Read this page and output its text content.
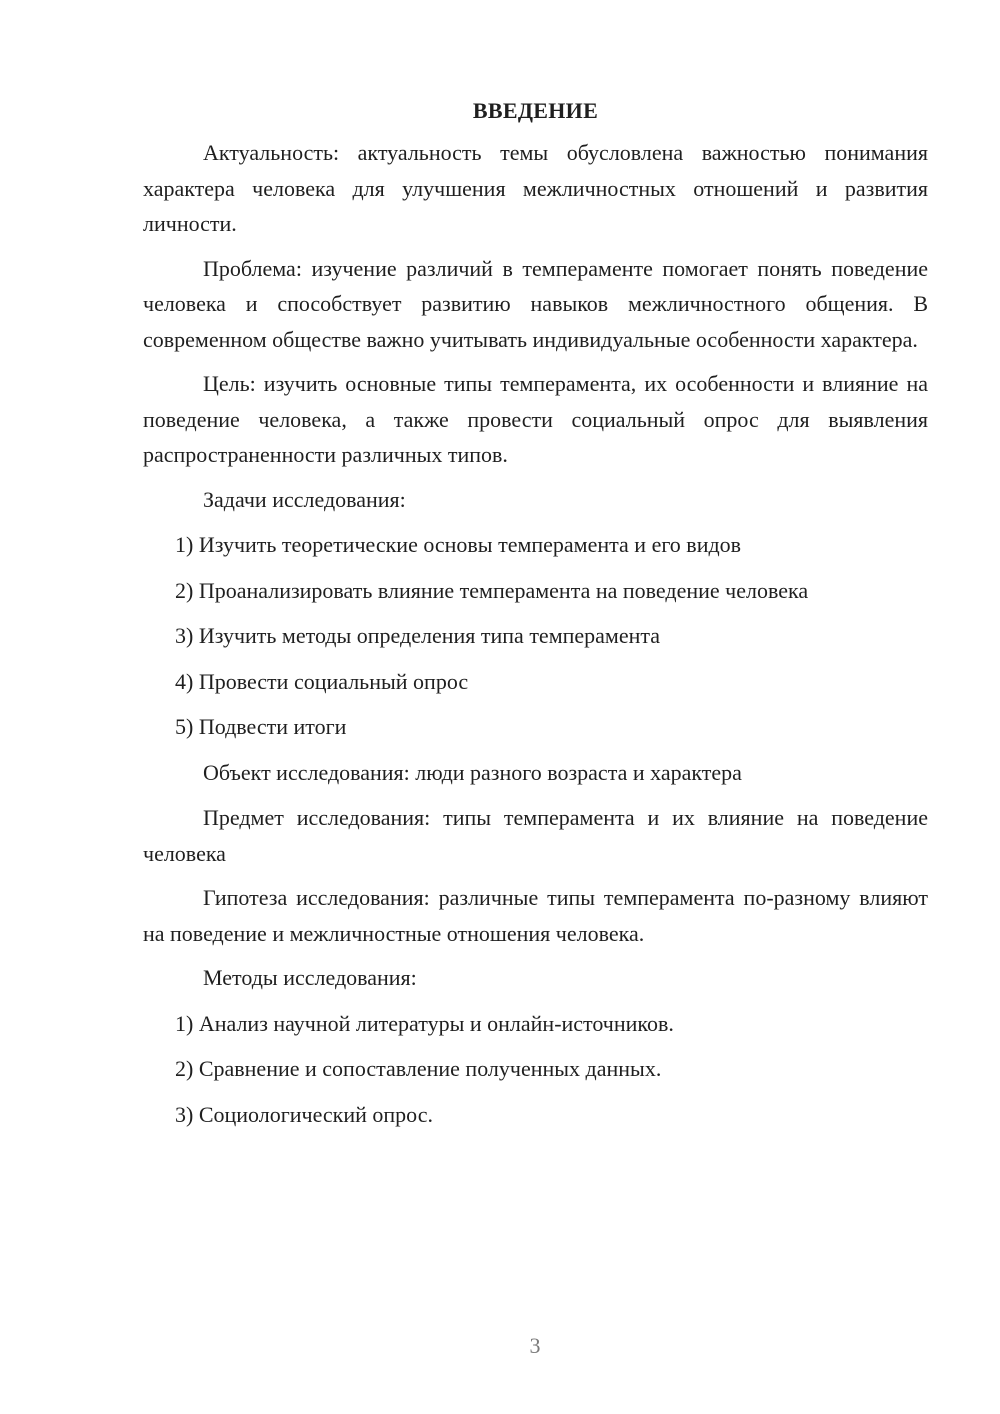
ВВЕДЕНИЕ

Актуальность: актуальность темы обусловлена важностью понимания характера человека для улучшения межличностных отношений и развития личности.

Проблема: изучение различий в темпераменте помогает понять поведение человека и способствует развитию навыков межличностного общения. В современном обществе важно учитывать индивидуальные особенности характера.

Цель: изучить основные типы темперамента, их особенности и влияние на поведение человека, а также провести социальный опрос для выявления распространенности различных типов.

Задачи исследования:
1) Изучить теоретические основы темперамента и его видов
2) Проанализировать влияние темперамента на поведение человека
3) Изучить методы определения типа темперамента
4) Провести социальный опрос
5) Подвести итоги
Объект исследования: люди разного возраста и характера

Предмет исследования: типы темперамента и их влияние на поведение человека

Гипотеза исследования: различные типы темперамента по-разному влияют на поведение и межличностные отношения человека.

Методы исследования:
1) Анализ научной литературы и онлайн-источников.
2) Сравнение и сопоставление полученных данных.
3) Социологический опрос.
3
